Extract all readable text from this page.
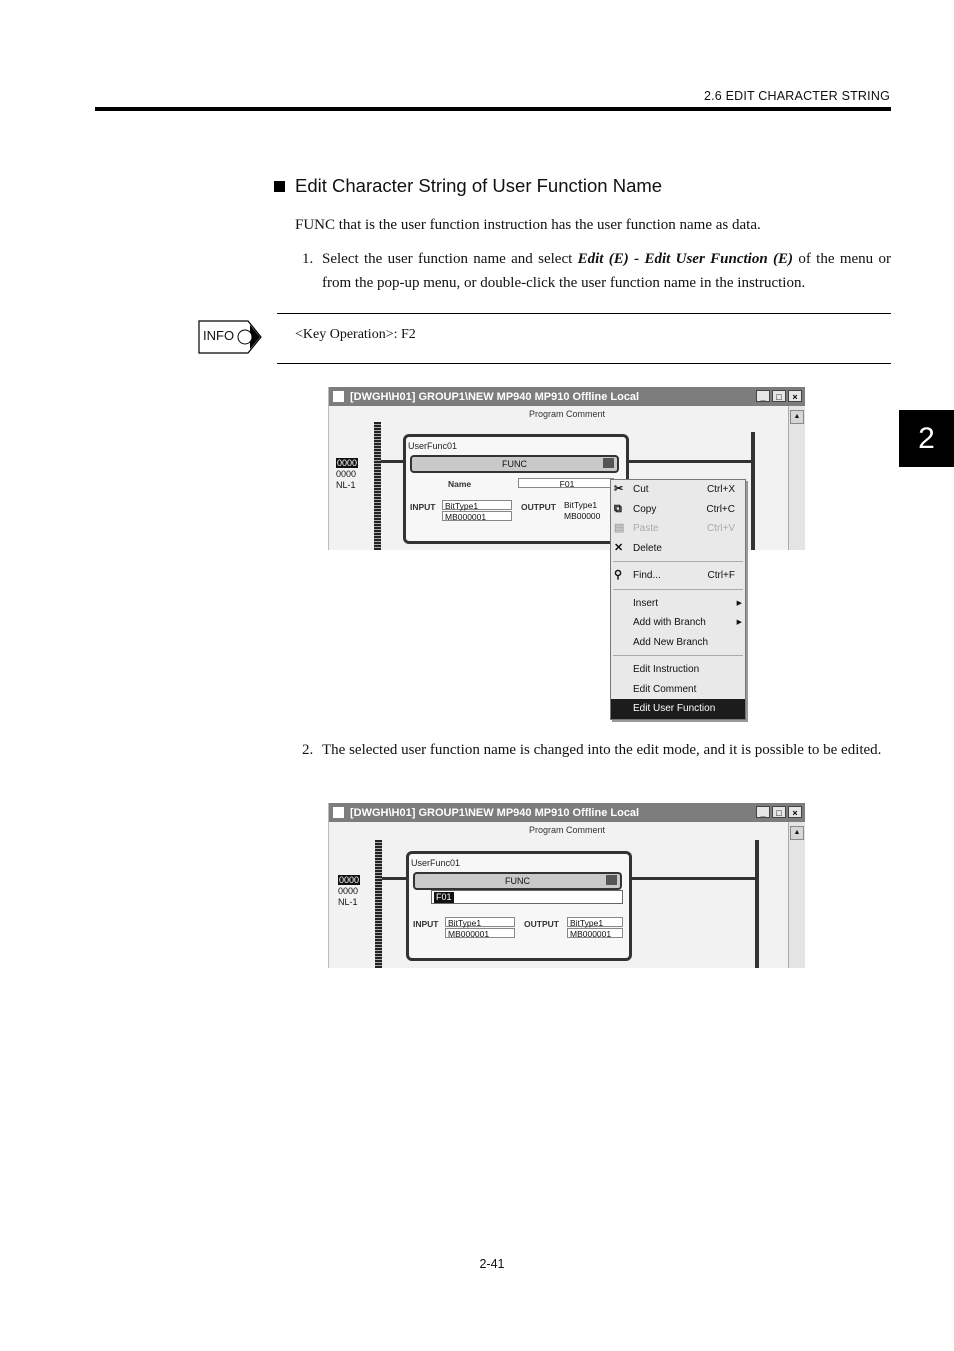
2.6 EDIT CHARACTER STRING
2
Edit Character String of User Function Name
FUNC that is the user function instruction has the user function name as data.
1. Select the user function name and select Edit (E) - Edit User Function (E) of the menu or from the pop-up menu, or double-click the user function name in the instruction.
INFO	<Key Operation>: F2
[DWGH\H01] GROUP1\NEW MP940 MP910 Offline Local	_	□	×
Program Comment	▲
0000
0000
NL-1
UserFunc01
FUNC
Name	F01
INPUT	BitType1
MB000001
OUTPUT BitType1
MB00000
✂ Cut	Ctrl+X
⧉ Copy	Ctrl+C
▤ Paste	Ctrl+V
✕ Delete
⚲ Find...	Ctrl+F
Insert	▶
Add with Branch	▶
Add New Branch
Edit Instruction
Edit Comment
Edit User Function
2. The selected user function name is changed into the edit mode, and it is possible to be edited.
[DWGH\H01] GROUP1\NEW MP940 MP910 Offline Local	_	□	×
Program Comment	▲
0000
0000
NL-1
UserFunc01
FUNC
F01
INPUT	BitType1
MB000001
OUTPUT	BitType1
MB000001
2-41
